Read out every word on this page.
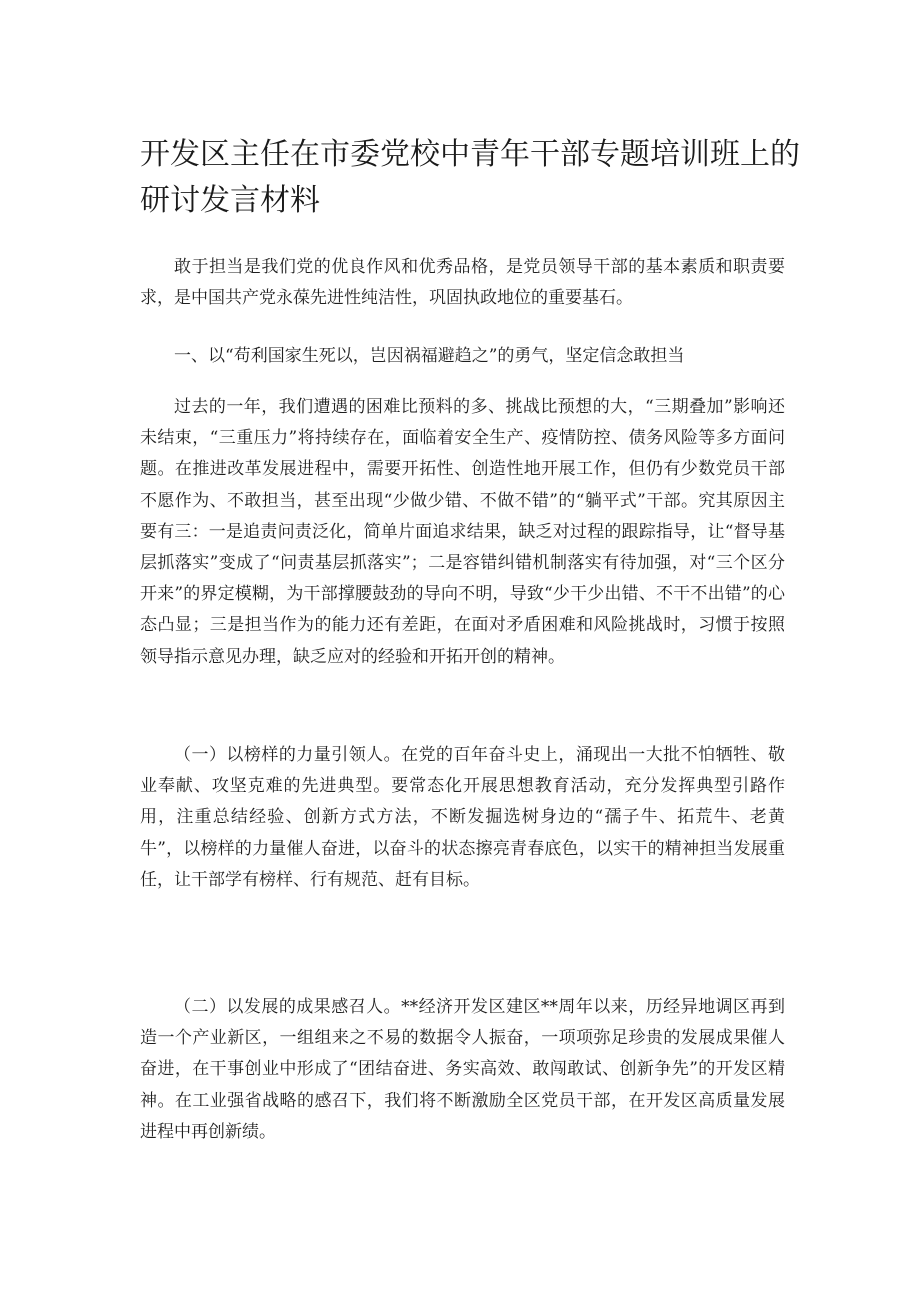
开发区主任在市委党校中青年干部专题培训班上的研讨发言材料

敢于担当是我们党的优良作风和优秀品格，是党员领导干部的基本素质和职责要求，是中国共产党永葆先进性纯洁性，巩固执政地位的重要基石。

一、以“苟利国家生死以，岂因祸福避趋之”的勇气，坚定信念敢担当

过去的一年，我们遭遇的困难比预料的多、挑战比预想的大，“三期叠加”影响还未结束，“三重压力”将持续存在，面临着安全生产、疫情防控、债务风险等多方面问题。在推进改革发展进程中，需要开拓性、创造性地开展工作，但仍有少数党员干部不愿作为、不敢担当，甚至出现“少做少错、不做不错”的“躺平式”干部。究其原因主要有三：一是追责问责泛化，简单片面追求结果，缺乏对过程的跟踪指导，让“督导基层抓落实”变成了“问责基层抓落实”；二是容错纠错机制落实有待加强，对“三个区分开来”的界定模糊，为干部撑腰鼓劲的导向不明，导致“少干少出错、不干不出错”的心态凸显；三是担当作为的能力还有差距，在面对矛盾困难和风险挑战时，习惯于按照领导指示意见办理，缺乏应对的经验和开拓开创的精神。

（一）以榜样的力量引领人。在党的百年奋斗史上，涌现出一大批不怕牺牲、敬业奉献、攻坚克难的先进典型。要常态化开展思想教育活动，充分发挥典型引路作用，注重总结经验、创新方式方法，不断发掘选树身边的“孺子牛、拓荒牛、老黄牛”，以榜样的力量催人奋进，以奋斗的状态擦亮青春底色，以实干的精神担当发展重任，让干部学有榜样、行有规范、赶有目标。

（二）以发展的成果感召人。**经济开发区建区**周年以来，历经异地调区再到造一个产业新区，一组组来之不易的数据令人振奋，一项项弥足珍贵的发展成果催人奋进，在干事创业中形成了“团结奋进、务实高效、敢闯敢试、创新争先”的开发区精神。在工业强省战略的感召下，我们将不断激励全区党员干部，在开发区高质量发展进程中再创新绩。
